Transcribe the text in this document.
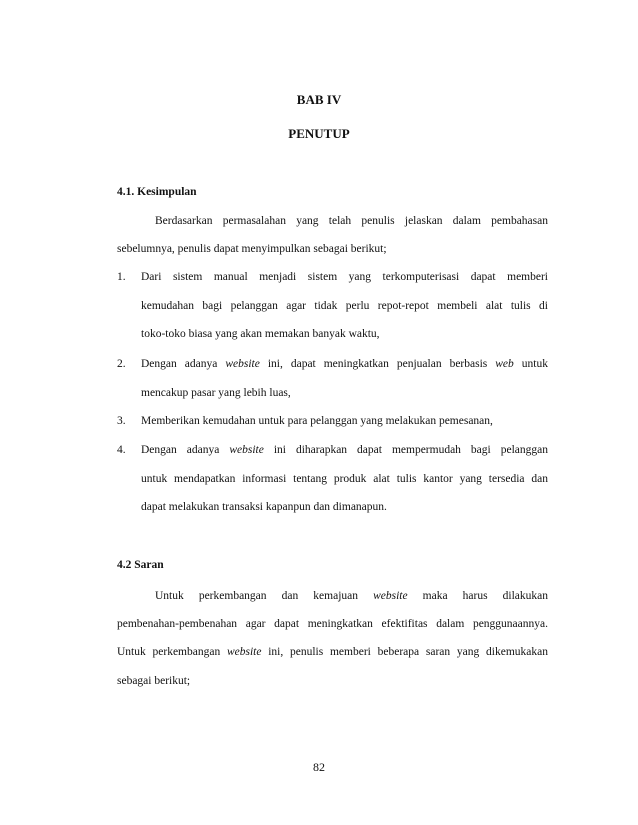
BAB IV
PENUTUP
4.1. Kesimpulan
Berdasarkan permasalahan yang telah penulis jelaskan dalam pembahasan
sebelumnya, penulis dapat menyimpulkan sebagai berikut;
1. Dari sistem manual menjadi sistem yang terkomputerisasi dapat memberi
kemudahan bagi pelanggan agar tidak perlu repot-repot membeli alat tulis di
toko-toko biasa yang akan memakan banyak waktu,
2. Dengan adanya website ini, dapat meningkatkan penjualan berbasis web untuk
mencakup pasar yang lebih luas,
3. Memberikan kemudahan untuk para pelanggan yang melakukan pemesanan,
4. Dengan adanya website ini diharapkan dapat mempermudah bagi pelanggan
untuk mendapatkan informasi tentang produk alat tulis kantor yang tersedia dan
dapat melakukan transaksi kapanpun dan dimanapun.
4.2 Saran
Untuk perkembangan dan kemajuan website maka harus dilakukan
pembenahan-pembenahan agar dapat meningkatkan efektifitas dalam penggunaannya.
Untuk perkembangan website ini, penulis memberi beberapa saran yang dikemukakan
sebagai berikut;
82
